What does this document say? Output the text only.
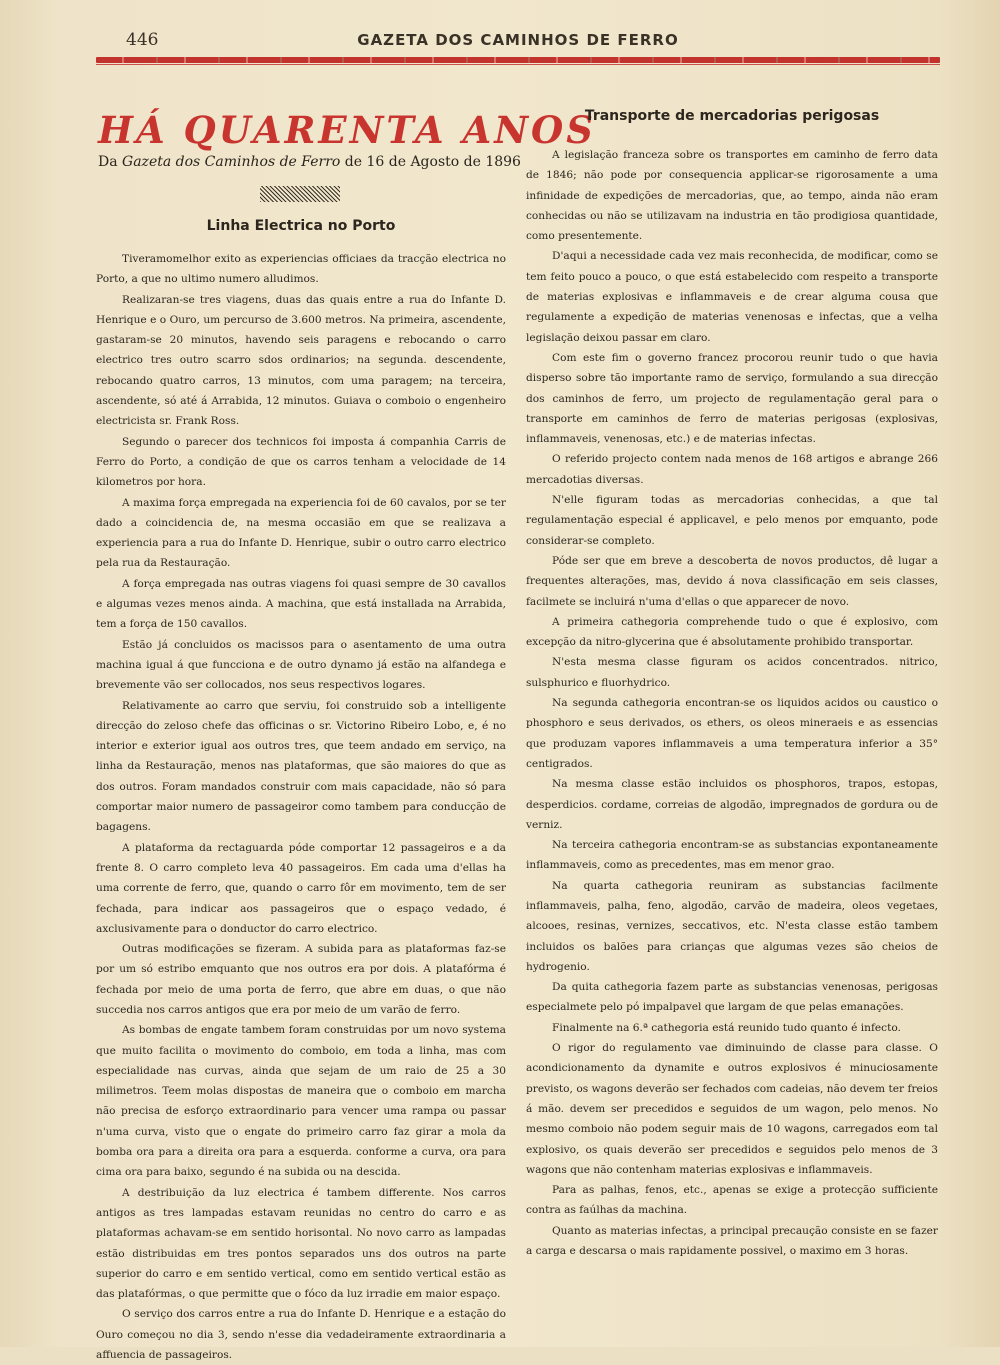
446	GAZETA DOS CAMINHOS DE FERRO
HÁ QUARENTA ANOS
Da Gazeta dos Caminhos de Ferro de 16 de Agosto de 1896
Linha Electrica no Porto

Tiveramomelhor exito as experiencias officiaes da tracção electrica no Porto, a que no ultimo numero alludimos.

Realizaran-se tres viagens, duas das quais entre a rua do Infante D. Henrique e o Ouro, um percurso de 3.600 metros. Na primeira, ascendente, gastaram-se 20 minutos, havendo seis paragens e rebocando o carro electrico tres outro scarro sdos ordinarios; na segunda. descendente, rebocando quatro carros, 13 minutos, com uma paragem; na terceira, ascendente, só até á Arrabida, 12 minutos. Guiava o comboio o engenheiro electricista sr. Frank Ross.

Segundo o parecer dos technicos foi imposta á companhia Carris de Ferro do Porto, a condição de que os carros tenham a velocidade de 14 kilometros por hora.

A maxima força empregada na experiencia foi de 60 cavalos, por se ter dado a coincidencia de, na mesma occasião em que se realizava a experiencia para a rua do Infante D. Henrique, subir o outro carro electrico pela rua da Restauração.

A força empregada nas outras viagens foi quasi sempre de 30 cavallos e algumas vezes menos ainda. A machina, que está installada na Arrabida, tem a força de 150 cavallos.

Estão já concluidos os macissos para o asentamento de uma outra machina igual á que funcciona e de outro dynamo já estão na alfandega e brevemente vão ser collocados, nos seus respectivos logares.

Relativamente ao carro que serviu, foi construido sob a intelligente direcção do zeloso chefe das officinas o sr. Victorino Ribeiro Lobo, e, é no interior e exterior igual aos outros tres, que teem andado em serviço, na linha da Restauração, menos nas plataformas, que são maiores do que as dos outros. Foram mandados construir com mais capacidade, não só para comportar maior numero de passageiror como tambem para conducção de bagagens.

A plataforma da rectaguarda póde comportar 12 passageiros e a da frente 8. O carro completo leva 40 passageiros. Em cada uma d'ellas ha uma corrente de ferro, que, quando o carro fôr em movimento, tem de ser fechada, para indicar aos passageiros que o espaço vedado, é axclusivamente para o donductor do carro electrico.

Outras modificações se fizeram. A subida para as plataformas faz-se por um só estribo emquanto que nos outros era por dois. A platafórma é fechada por meio de uma porta de ferro, que abre em duas, o que não succedia nos carros antigos que era por meio de um varão de ferro.

As bombas de engate tambem foram construidas por um novo systema que muito facilita o movimento do comboio, em toda a linha, mas com especialidade nas curvas, ainda que sejam de um raio de 25 a 30 milimetros. Teem molas dispostas de maneira que o comboio em marcha não precisa de esforço extraordinario para vencer uma rampa ou passar n'uma curva, visto que o engate do primeiro carro faz girar a mola da bomba ora para a direita ora para a esquerda. conforme a curva, ora para cima ora para baixo, segundo é na subida ou na descida.

A destribuição da luz electrica é tambem differente. Nos carros antigos as tres lampadas estavam reunidas no centro do carro e as plataformas achavam-se em sentido horisontal. No novo carro as lampadas estão distribuidas em tres pontos separados uns dos outros na parte superior do carro e em sentido vertical, como em sentido vertical estão as das platafórmas, o que permitte que o fóco da luz irradie em maior espaço.

O serviço dos carros entre a rua do Infante D. Henrique e a estação do Ouro começou no dia 3, sendo n'esse dia vedadeiramente extraordinaria a affuencia de passageiros.

Transporte de mercadorias perigosas

A legislação franceza sobre os transportes em caminho de ferro data de 1846; não pode por consequencia applicar-se rigorosamente a uma infinidade de expedições de mercadorias, que, ao tempo, ainda não eram conhecidas ou não se utilizavam na industria en tão prodigiosa quantidade, como presentemente.

D'aqui a necessidade cada vez mais reconhecida, de modificar, como se tem feito pouco a pouco, o que está estabelecido com respeito a transporte de materias explosivas e inflammaveis e de crear alguma cousa que regulamente a expedição de materias venenosas e infectas, que a velha legislação deixou passar em claro.

Com este fim o governo francez procorou reunir tudo o que havia disperso sobre tão importante ramo de serviço, formulando a sua direcção dos caminhos de ferro, um projecto de regulamentação geral para o transporte em caminhos de ferro de materias perigosas (explosivas, inflammaveis, venenosas, etc.) e de materias infectas.

O referido projecto contem nada menos de 168 artigos e abrange 266 mercadotias diversas.

N'elle figuram todas as mercadorias conhecidas, a que tal regulamentação especial é applicavel, e pelo menos por emquanto, pode considerar-se completo.

Póde ser que em breve a descoberta de novos productos, dê lugar a frequentes alterações, mas, devido á nova classificação em seis classes, facilmete se incluirá n'uma d'ellas o que apparecer de novo.

A primeira cathegoria comprehende tudo o que é explosivo, com excepção da nitro-glycerina que é absolutamente prohibido transportar.

N'esta mesma classe figuram os acidos concentrados. nitrico, sulsphurico e fluorhydrico.

Na segunda cathegoria encontran-se os liquidos acidos ou caustico o phosphoro e seus derivados, os ethers, os oleos mineraeis e as essencias que produzam vapores inflammaveis a uma temperatura inferior a 35° centigrados.

Na mesma classe estão incluidos os phosphoros, trapos, estopas, desperdicios. cordame, correias de algodão, impregnados de gordura ou de verniz.

Na terceira cathegoria encontram-se as substancias expontaneamente inflammaveis, como as precedentes, mas em menor grao.

Na quarta cathegoria reuniram as substancias facilmente inflammaveis, palha, feno, algodão, carvão de madeira, oleos vegetaes, alcooes, resinas, vernizes, seccativos, etc. N'esta classe estão tambem incluidos os balões para crianças que algumas vezes são cheios de hydrogenio.

Da quita cathegoria fazem parte as substancias venenosas, perigosas especialmete pelo pó impalpavel que largam de que pelas emanações.

Finalmente na 6.ª cathegoria está reunido tudo quanto é infecto.

O rigor do regulamento vae diminuindo de classe para classe. O acondicionamento da dynamite e outros explosivos é minuciosamente previsto, os wagons deverão ser fechados com cadeias, não devem ter freios á mão. devem ser precedidos e seguidos de um wagon, pelo menos. No mesmo comboio não podem seguir mais de 10 wagons, carregados eom tal explosivo, os quais deverão ser precedidos e seguidos pelo menos de 3 wagons que não contenham materias explosivas e inflammaveis.

Para as palhas, fenos, etc., apenas se exige a protecção sufficiente contra as faúlhas da machina.

Quanto as materias infectas, a principal precaução consiste en se fazer a carga e descarsa o mais rapidamente possivel, o maximo em 3 horas.
